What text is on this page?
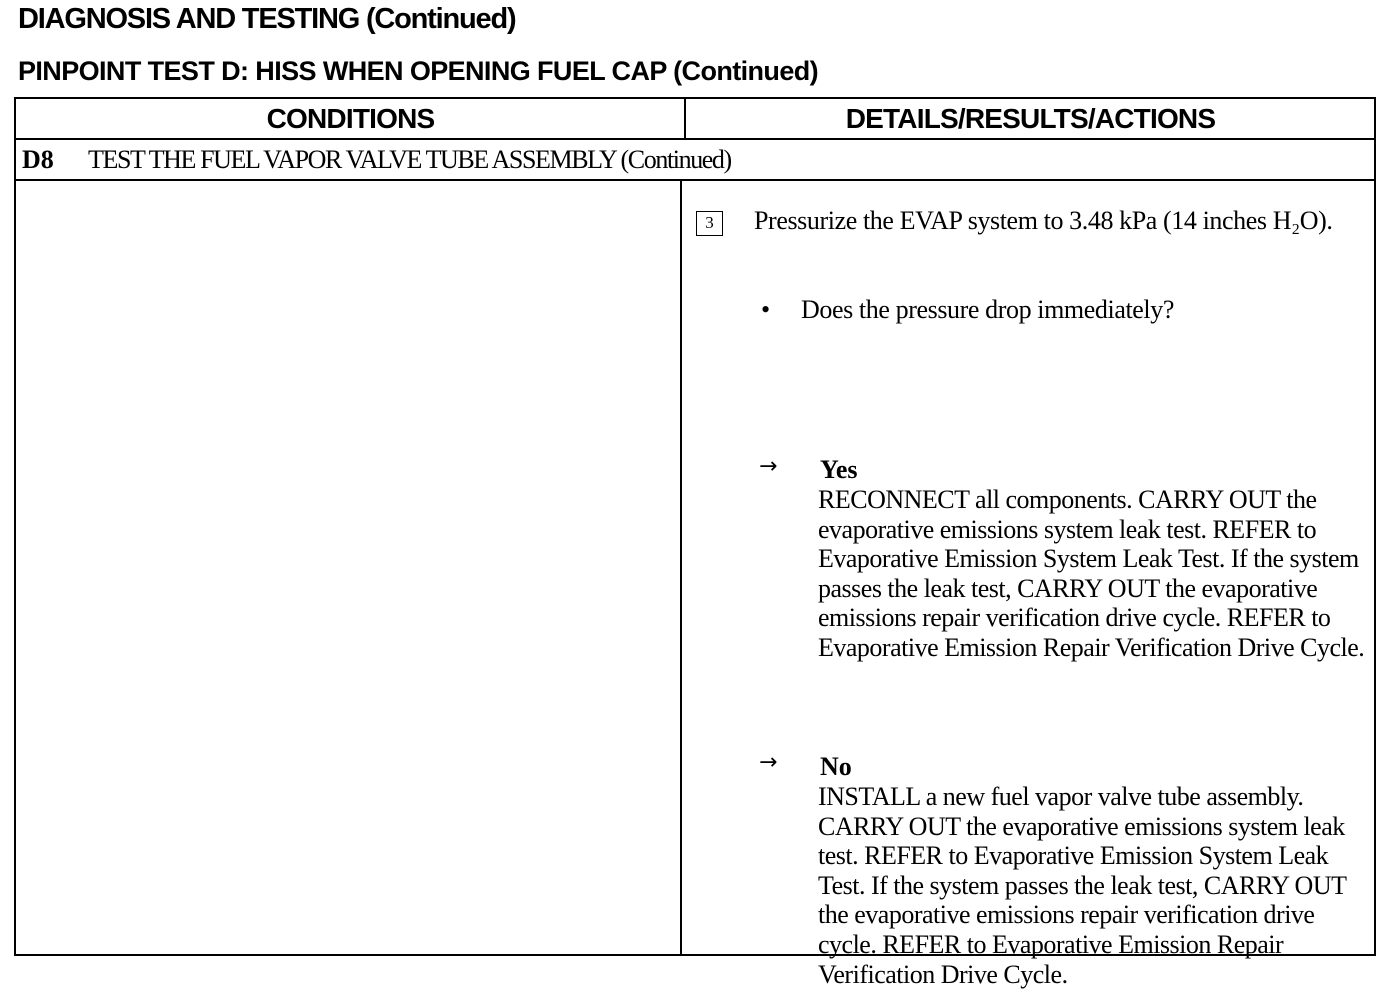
DIAGNOSIS AND TESTING (Continued)
PINPOINT TEST D: HISS WHEN OPENING FUEL CAP (Continued)
CONDITIONS	DETAILS/RESULTS/ACTIONS
D8 TEST THE FUEL VAPOR VALVE TUBE ASSEMBLY (Continued)
3	Pressurize the EVAP system to 3.48 kPa (14 inches H₂O).
• Does the pressure drop immediately?
→ Yes
RECONNECT all components. CARRY OUT the evaporative emissions system leak test. REFER to Evaporative Emission System Leak Test. If the system passes the leak test, CARRY OUT the evaporative emissions repair verification drive cycle. REFER to Evaporative Emission Repair Verification Drive Cycle.
→ No
INSTALL a new fuel vapor valve tube assembly. CARRY OUT the evaporative emissions system leak test. REFER to Evaporative Emission System Leak Test. If the system passes the leak test, CARRY OUT the evaporative emissions repair verification drive cycle. REFER to Evaporative Emission Repair Verification Drive Cycle.
